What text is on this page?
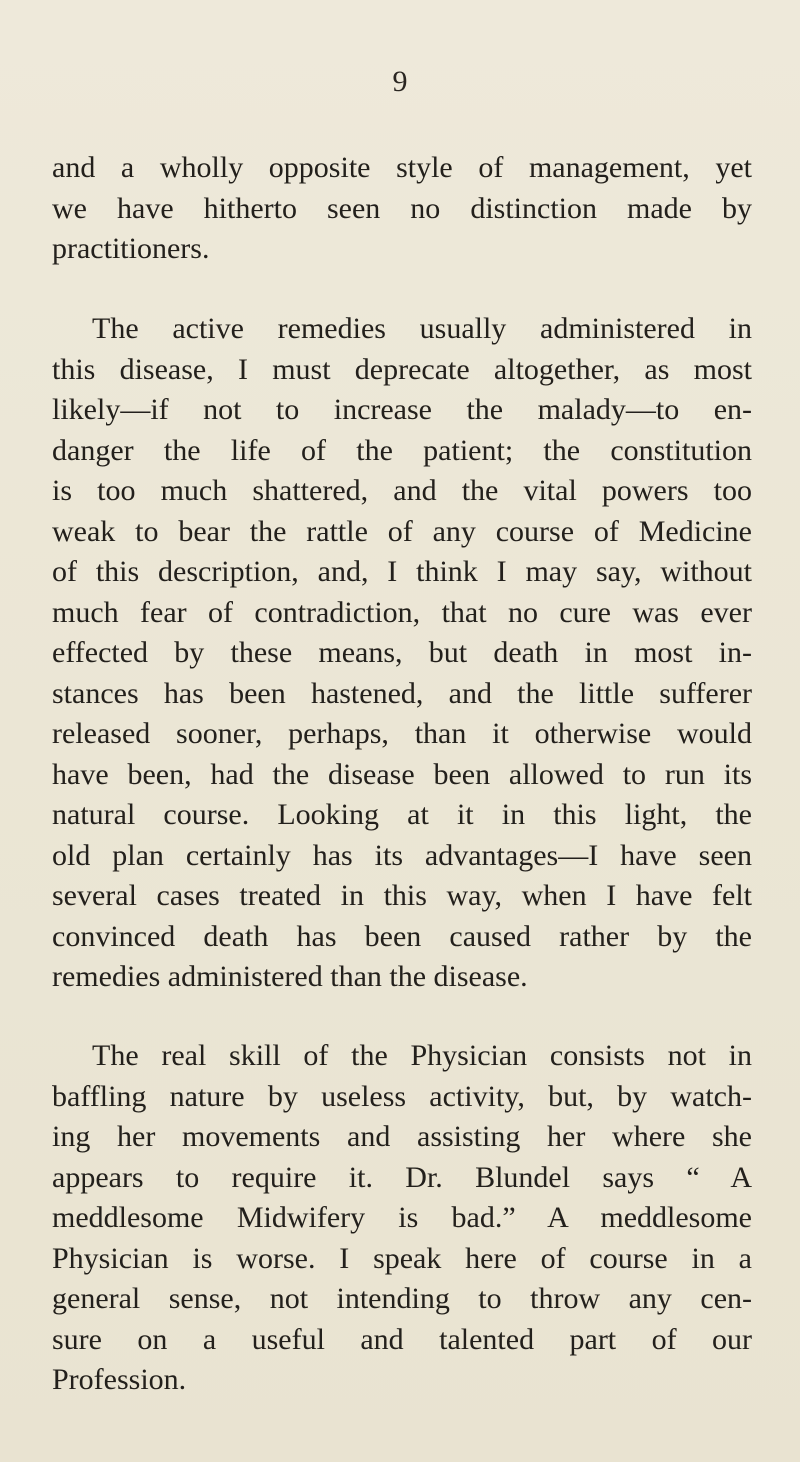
9
and a wholly opposite style of management, yet
we have hitherto seen no distinction made by
practitioners.
The active remedies usually administered in
this disease, I must deprecate altogether, as most
likely—if not to increase the malady—to en-
danger the life of the patient; the constitution
is too much shattered, and the vital powers too
weak to bear the rattle of any course of Medicine
of this description, and, I think I may say, without
much fear of contradiction, that no cure was ever
effected by these means, but death in most in-
stances has been hastened, and the little sufferer
released sooner, perhaps, than it otherwise would
have been, had the disease been allowed to run its
natural course. Looking at it in this light, the
old plan certainly has its advantages—I have seen
several cases treated in this way, when I have felt
convinced death has been caused rather by the
remedies administered than the disease.
The real skill of the Physician consists not in
baffling nature by useless activity, but, by watch-
ing her movements and assisting her where she
appears to require it. Dr. Blundel says “ A
meddlesome Midwifery is bad.” A meddlesome
Physician is worse. I speak here of course in a
general sense, not intending to throw any cen-
sure on a useful and talented part of our
Profession.
